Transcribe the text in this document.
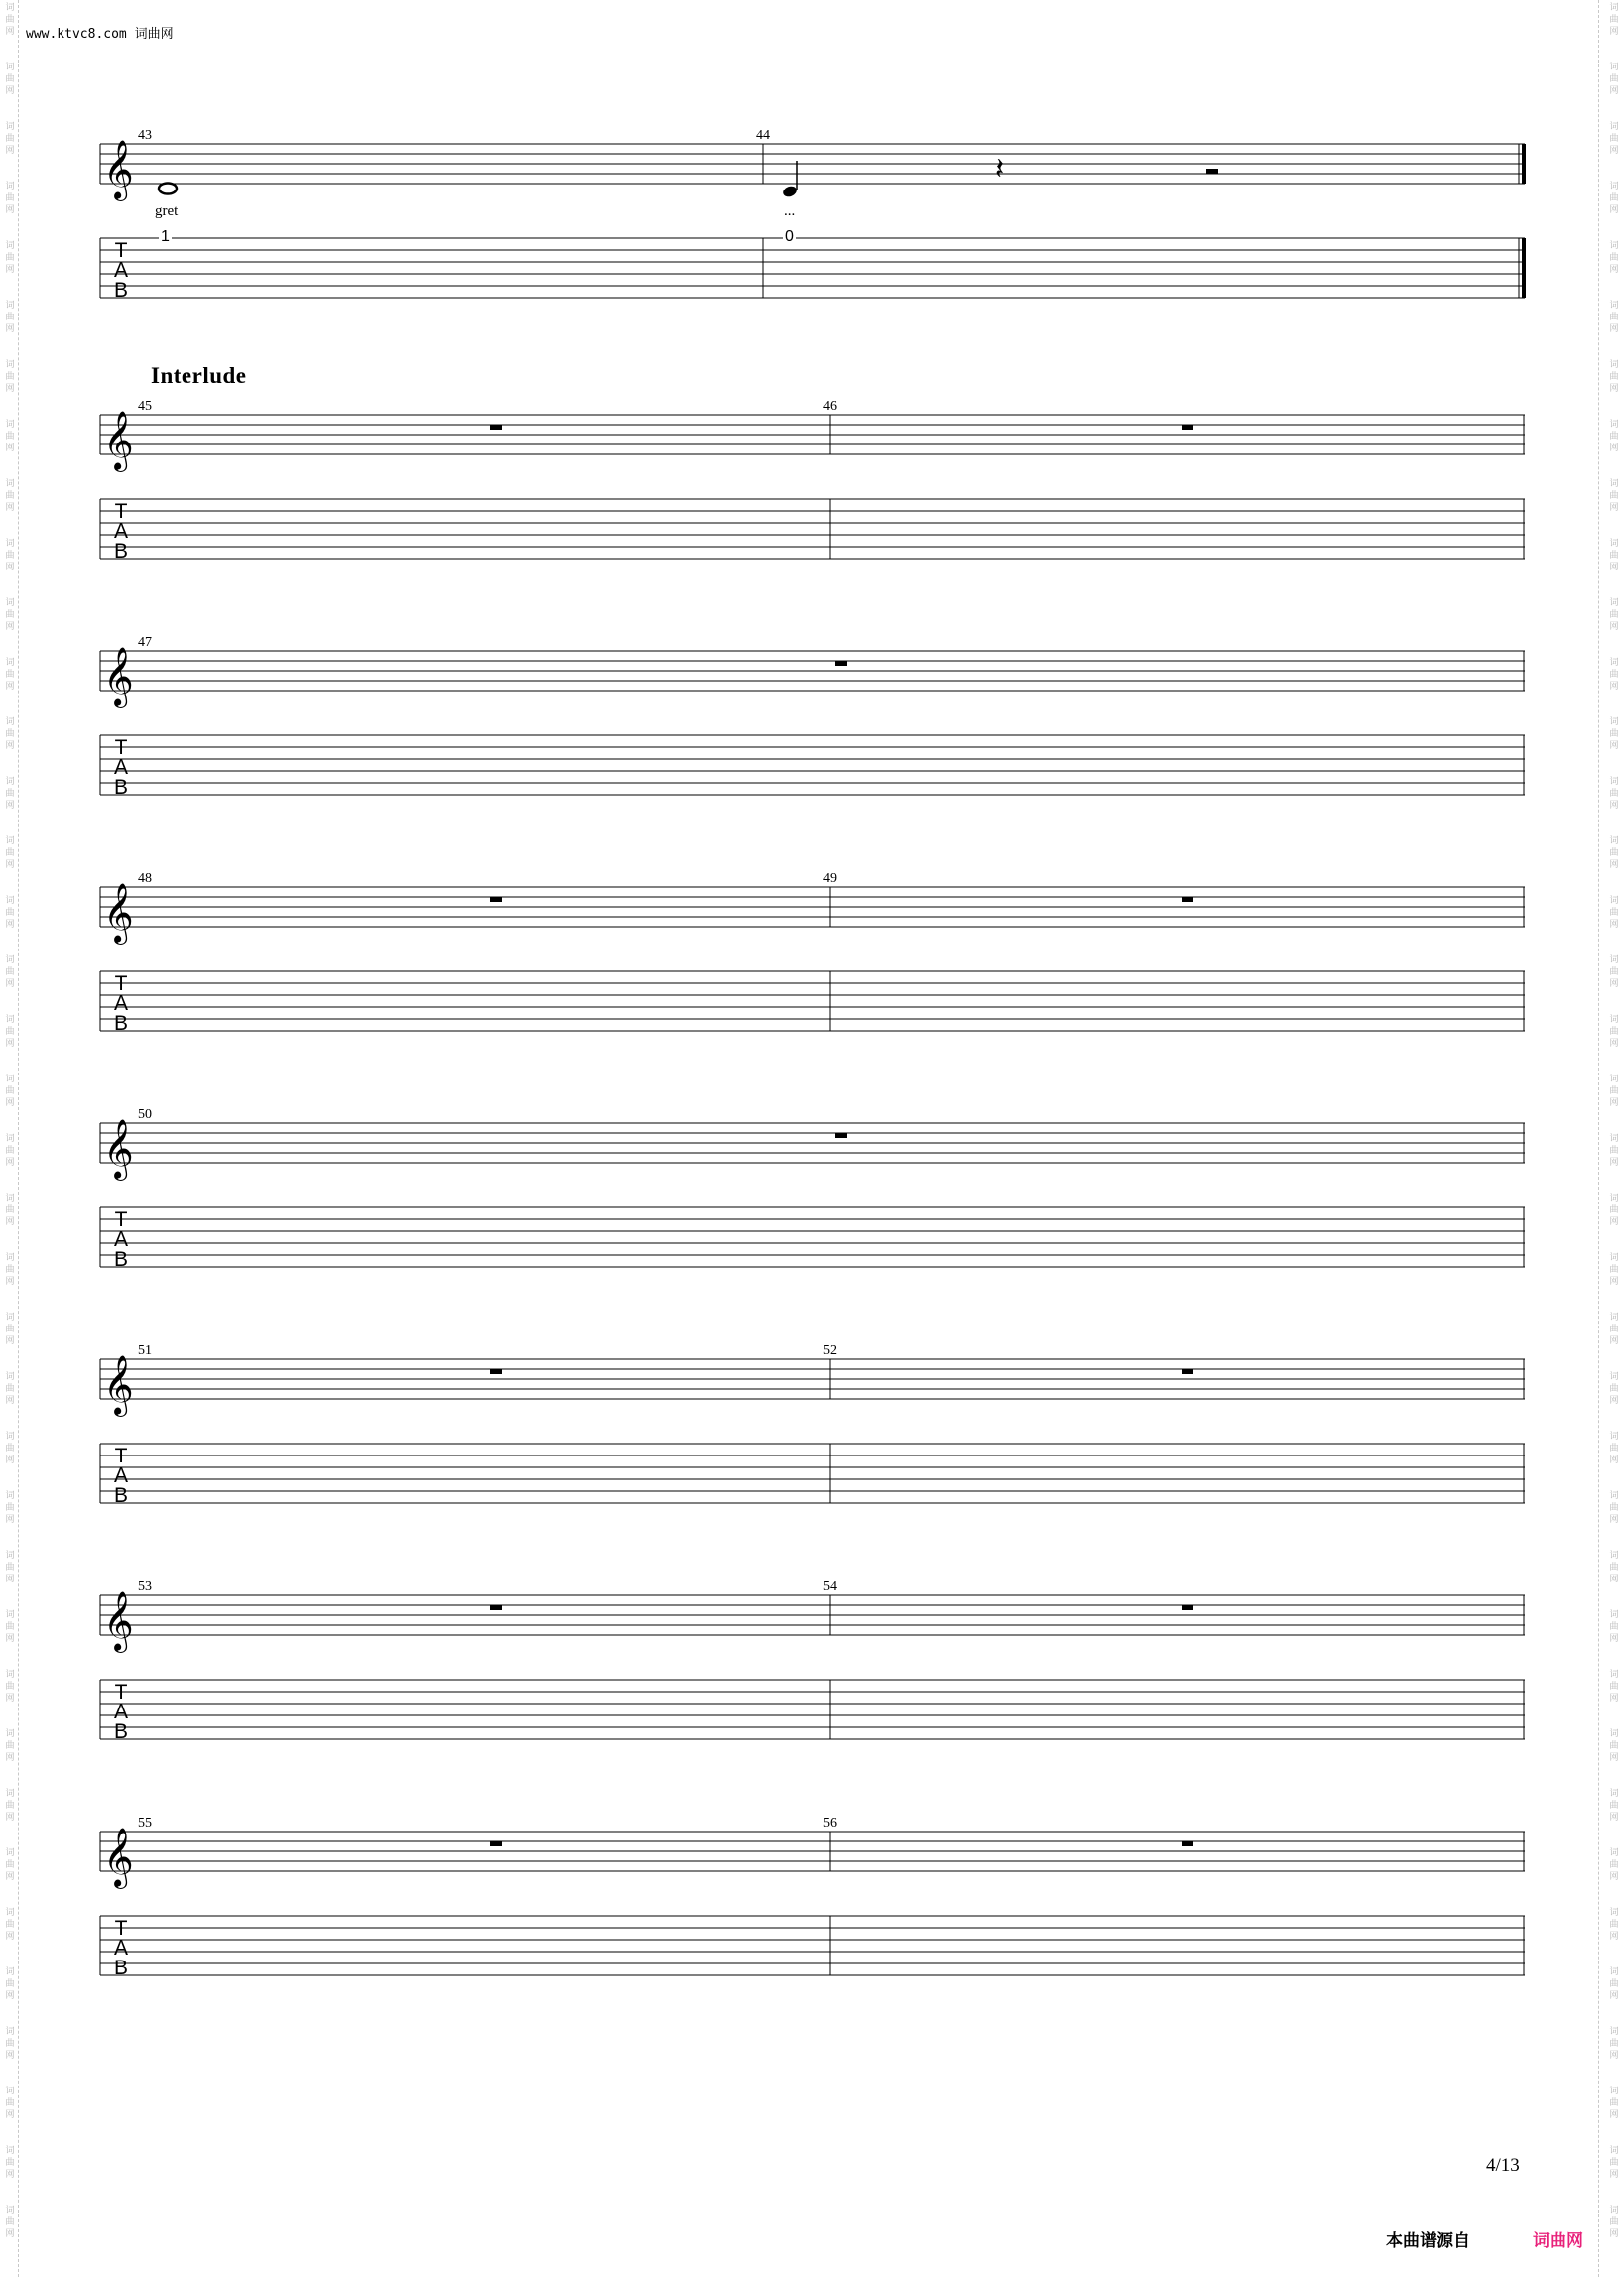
词
曲
网
词
曲
网
词
曲
网
词
曲
网
词
曲
网
词
曲
网
词
曲
网
词
曲
网
词
曲
网
词
曲
网
词
曲
网
词
曲
网
词
曲
网
词
曲
网
词
曲
网
词
曲
网
词
曲
网
词
曲
网
词
曲
网
词
曲
网
词
曲
网
词
曲
网
词
曲
网
词
曲
网
词
曲
网
词
曲
网
词
曲
网
词
曲
网
词
曲
网
词
曲
网
词
曲
网
词
曲
网
词
曲
网
词
曲
网
词
曲
网
词
曲
网
词
曲
网
词
曲
网
词
曲
网
词
曲
网
词
曲
网
词
曲
网
词
曲
网
词
曲
网
词
曲
网
词
曲
网
词
曲
网
词
曲
网
词
曲
网
词
曲
网
词
曲
网
词
曲
网
词
曲
网
词
曲
网
词
曲
网
词
曲
网
词
曲
网
词
曲
网
词
曲
网
词
曲
网
词
曲
网
词
曲
网
词
曲
网
词
曲
网
词
曲
网
词
曲
网
词
曲
网
词
曲
网
词
曲
网
词
曲
网
词
曲
网
词
曲
网
词
曲
网
词
曲
网
词
曲
网
词
曲
网
www.ktvc8.com 词曲网
Interlude
𝄞	𝄽
43	44
gret	...
1	0
T
A
B
𝄞
45	46
T
A
B
𝄞
47
T
A
B
𝄞
48	49
T
A
B
𝄞
50
T
A
B
𝄞
51	52
T
A
B
𝄞
53	54
T
A
B
𝄞
55	56
T
A
B
4/13
本曲谱源自	词曲网
